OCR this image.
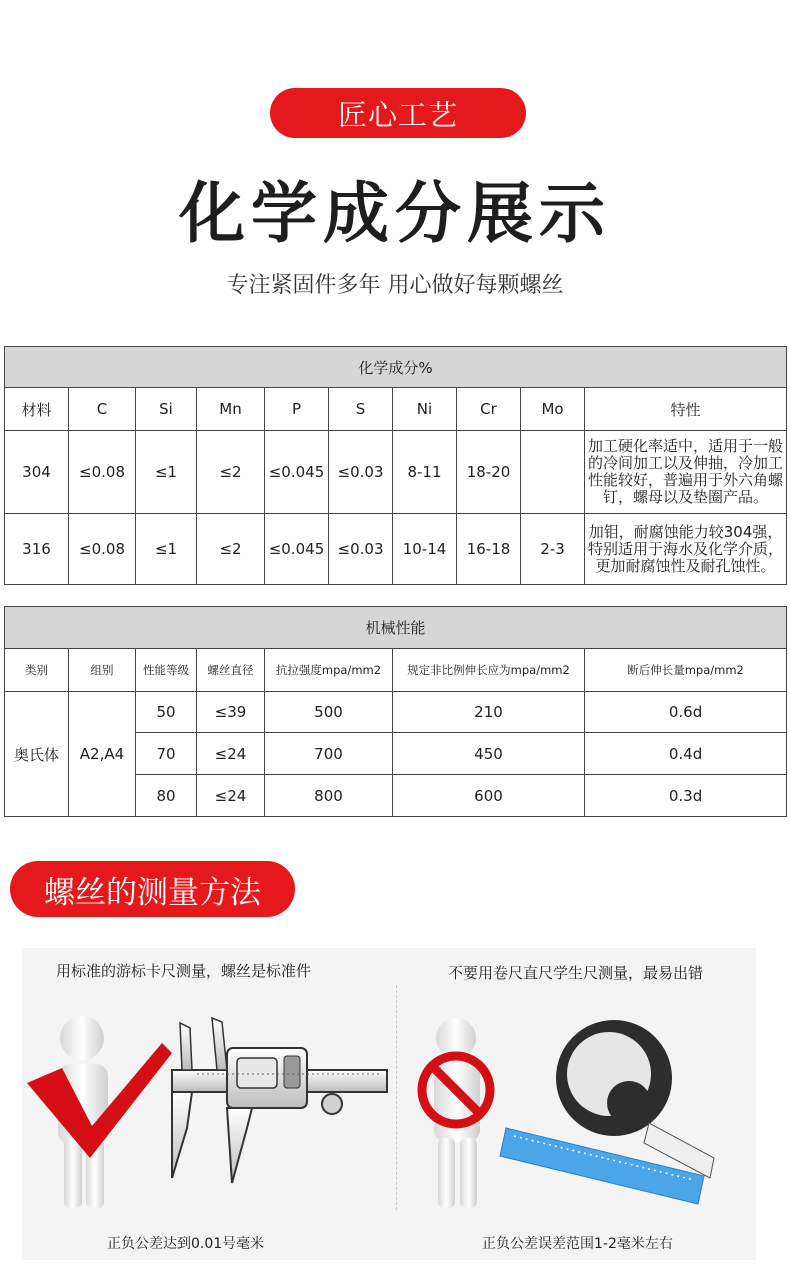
匠心工艺
化学成分展示
专注紧固件多年 用心做好每颗螺丝
化学成分%									
材料	C	Si	Mn	P	S	Ni	Cr	Mo	特性
304	≤0.08	≤1	≤2	≤0.045	≤0.03	8-11	18-20		加工硬化率适中，适用于一般的冷间加工以及伸抽，冷加工性能较好，普遍用于外六角螺钉，螺母以及垫圈产品。
316	≤0.08	≤1	≤2	≤0.045	≤0.03	10-14	16-18	2-3	加钼，耐腐蚀能力较304强，特别适用于海水及化学介质，更加耐腐蚀性及耐孔蚀性。
机械性能						
类别	组别	性能等级	螺丝直径	抗拉强度mpa/mm2	规定非比例伸长应为mpa/mm2	断后伸长量mpa/mm2
奥氏体	A2,A4	50	≤39	500	210	0.6d
		70	≤24	700	450	0.4d
		80	≤24	800	600	0.3d
螺丝的测量方法
用标准的游标卡尺测量，螺丝是标准件	不要用卷尺直尺学生尺测量，最易出错
正负公差达到0.01号毫米	正负公差误差范围1-2毫米左右
